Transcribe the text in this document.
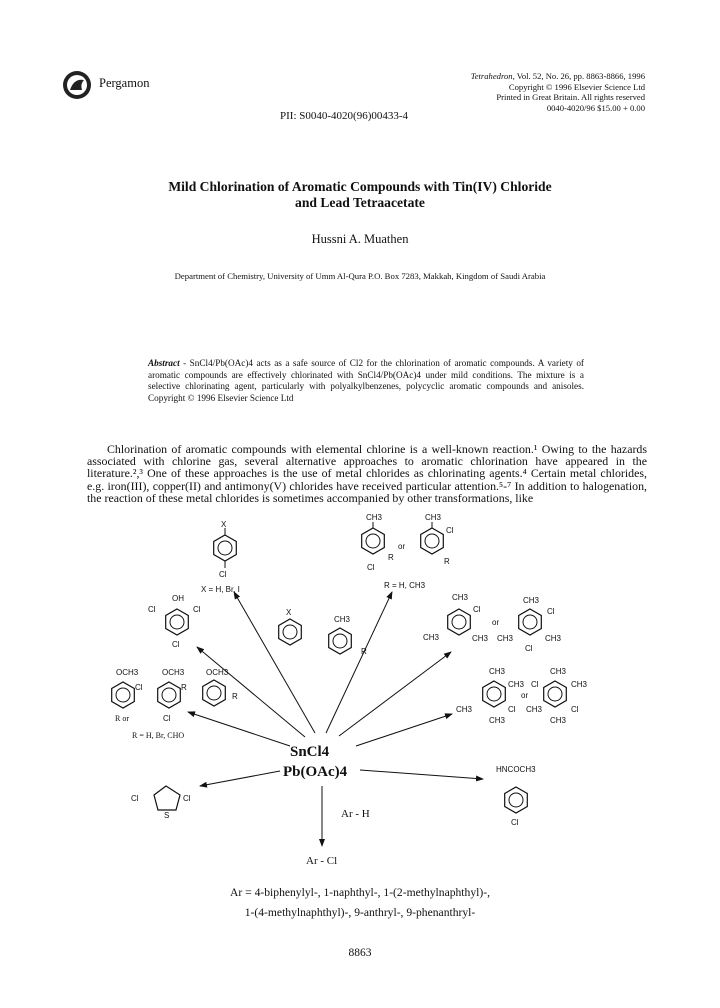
Pergamon	Tetrahedron, Vol. 52, No. 26, pp. 8863-8866, 1996
Copyright © 1996 Elsevier Science Ltd
Printed in Great Britain. All rights reserved
0040-4020/96 $15.00 + 0.00
PII: S0040-4020(96)00433-4
Mild Chlorination of Aromatic Compounds with Tin(IV) Chloride
and Lead Tetraacetate
Hussni A. Muathen
Department of Chemistry, University of Umm Al-Qura P.O. Box 7283, Makkah, Kingdom of Saudi Arabia
Abstract - SnCl4/Pb(OAc)4 acts as a safe source of Cl2 for the chlorination of aromatic compounds. A variety of aromatic compounds are effectively chlorinated with SnCl4/Pb(OAc)4 under mild conditions. The mixture is a selective chlorinating agent, particularly with polyalkylbenzenes, polycyclic aromatic compounds and anisoles. Copyright © 1996 Elsevier Science Ltd

Chlorination of aromatic compounds with elemental chlorine is a well-known reaction.¹ Owing to the hazards associated with chlorine gas, several alternative approaches to aromatic chlorination have appeared in the literature.²,³ One of these approaches is the use of metal chlorides as chlorinating agents.⁴ Certain metal chlorides, e.g. iron(III), copper(II) and antimony(V) chlorides have received particular attention.⁵-⁷ In addition to halogenation, the reaction of these metal chlorides is sometimes accompanied by other transformations, like

X
Cl
X = H, Br, I
CH3	CH3
Cl
or
R	R
Cl
R = H, CH3
OH
Cl	Cl
Cl
X
CH3
R
CH3
Cl
or
CH3	CH3
CH3
Cl
CH3	CH3
Cl
OCH3	OCH3	OCH3
Cl	R
R
R or	Cl
R = H, Br, CHO
CH3
CH3
or
CH3	Cl
CH3
CH3
Cl	CH3
CH3	Cl
CH3
SnCl4
Pb(OAc)4
Cl	Cl
S
HNCOCH3
Cl
Ar - H
Ar - Cl
Ar = 4-biphenylyl-, 1-naphthyl-, 1-(2-methylnaphthyl)-,
1-(4-methylnaphthyl)-, 9-anthryl-, 9-phenanthryl-
8863
